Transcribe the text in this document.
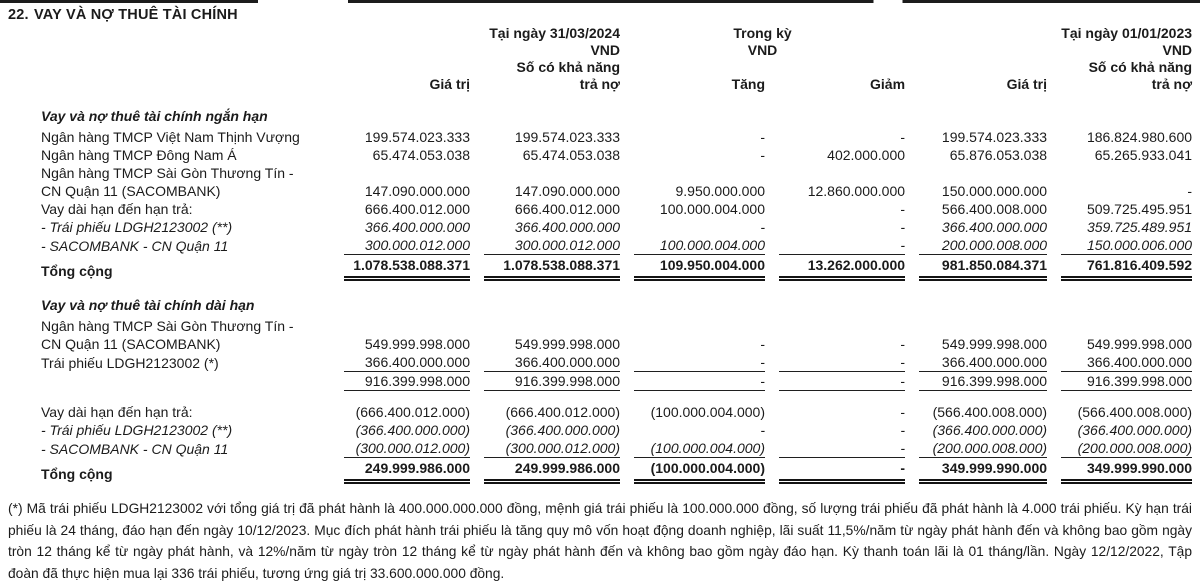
22. VAY VÀ NỢ THUÊ TÀI CHÍNH
	Tại ngày 31/03/2024		Trong kỳ		Tại ngày 01/01/2023	
	VND		VND		VND	
	Số có khả năng				Số có khả năng	
	Giá trị	trả nợ	Tăng	Giảm	Giá trị	trả nợ
Vay và nợ thuê tài chính ngắn hạn						
Ngân hàng TMCP Việt Nam Thịnh Vượng	199.574.023.333	199.574.023.333	-	-	199.574.023.333	186.824.980.600

Ngân hàng TMCP Đông Nam Á	65.474.053.038	65.474.053.038	-	402.000.000	65.876.053.038	65.265.933.041

Ngân hàng TMCP Sài Gòn Thương Tín -
CN Quận 11 (SACOMBANK)	147.090.000.000	147.090.000.000	9.950.000.000	12.860.000.000	150.000.000.000	-

Vay dài hạn đến hạn trả:	666.400.012.000	666.400.012.000	100.000.004.000	-	566.400.008.000	509.725.495.951

- Trái phiếu LDGH2123002 (**)	366.400.000.000	366.400.000.000	-	-	366.400.000.000	359.725.489.951

- SACOMBANK - CN Quận 11	300.000.012.000	300.000.012.000	100.000.004.000	-	200.000.008.000	150.000.006.000

Tổng cộng	1.078.538.088.371	1.078.538.088.371	109.950.004.000	13.262.000.000	981.850.084.371	761.816.409.592

Vay và nợ thuê tài chính dài hạn						

Ngân hàng TMCP Sài Gòn Thương Tín -
CN Quận 11 (SACOMBANK)	549.999.998.000	549.999.998.000	-	-	549.999.998.000	549.999.998.000

Trái phiếu LDGH2123002 (*)	366.400.000.000	366.400.000.000	-	-	366.400.000.000	366.400.000.000

	916.399.998.000	916.399.998.000	-	-	916.399.998.000	916.399.998.000

Vay dài hạn đến hạn trả:	(666.400.012.000)	(666.400.012.000)	(100.000.004.000)	-	(566.400.008.000)	(566.400.008.000)

- Trái phiếu LDGH2123002 (**)	(366.400.000.000)	(366.400.000.000)	-	-	(366.400.000.000)	(366.400.000.000)

- SACOMBANK - CN Quận 11	(300.000.012.000)	(300.000.012.000)	(100.000.004.000)	-	(200.000.008.000)	(200.000.008.000)

Tổng cộng	249.999.986.000	249.999.986.000	(100.000.004.000)	-	349.999.990.000	349.999.990.000

(*) Mã trái phiếu LDGH2123002 với tổng giá trị đã phát hành là 400.000.000.000 đồng, mệnh giá trái phiếu là 100.000.000 đồng, số lượng trái phiếu đã phát hành là 4.000 trái phiếu. Kỳ hạn trái phiếu là 24 tháng, đáo hạn đến ngày 10/12/2023. Mục đích phát hành trái phiếu là tăng quy mô vốn hoạt động doanh nghiệp, lãi suất 11,5%/năm từ ngày phát hành đến và không bao gồm ngày tròn 12 tháng kể từ ngày phát hành, và 12%/năm từ ngày tròn 12 tháng kể từ ngày phát hành đến và không bao gồm ngày đáo hạn. Kỳ thanh toán lãi là 01 tháng/lần. Ngày 12/12/2022, Tập đoàn đã thực hiện mua lại 336 trái phiếu, tương ứng giá trị 33.600.000.000 đồng.
